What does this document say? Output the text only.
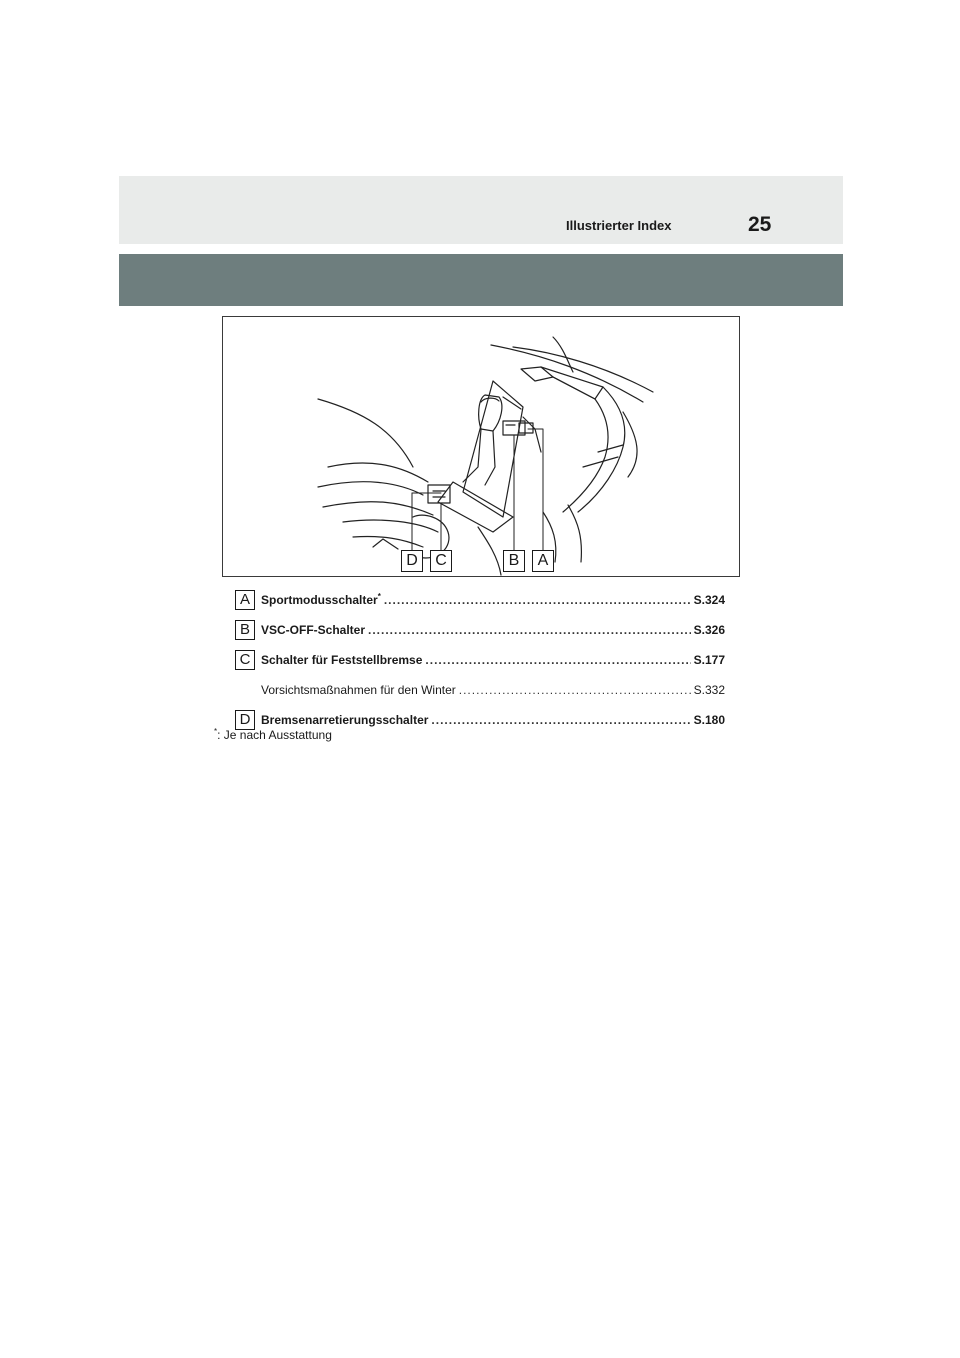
Illustrierter Index	25
D	C	B	A
A Sportmodusschalter* .....	S.324
B VSC-OFF-Schalter .....	S.326
C Schalter für Feststellbremse .....	S.177
Vorsichtsmaßnahmen für den Winter .....	S.332
D Bremsenarretierungsschalter .....	S.180
*: Je nach Ausstattung
